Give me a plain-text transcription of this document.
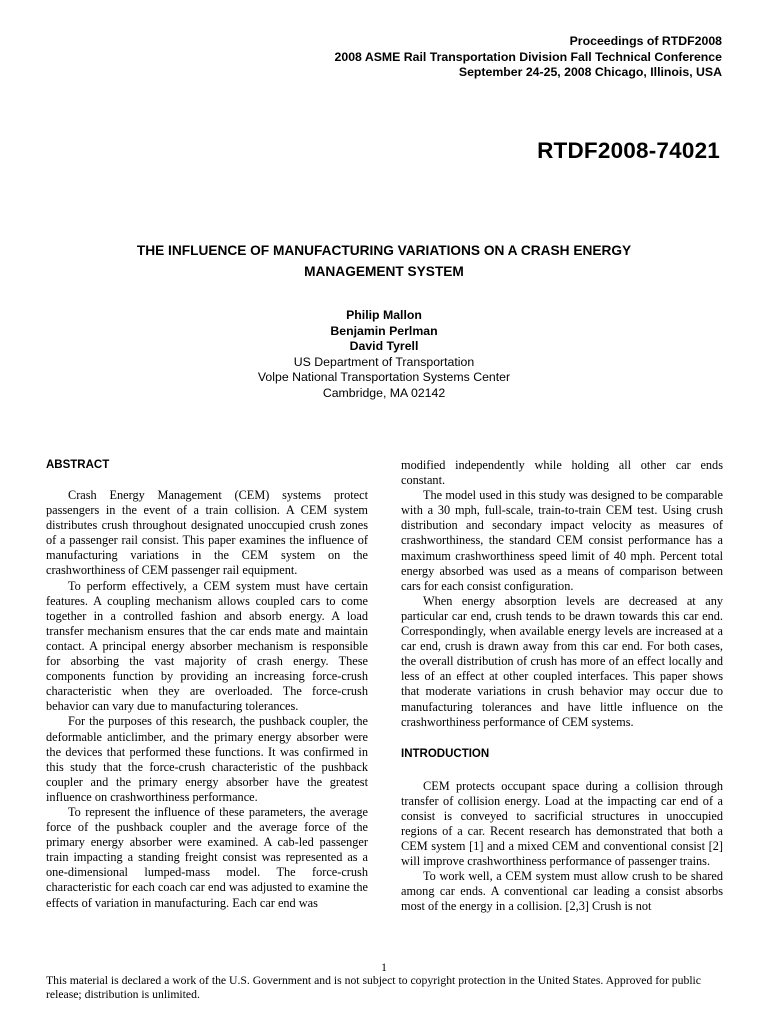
Proceedings of RTDF2008
2008 ASME Rail Transportation Division Fall Technical Conference
September 24-25, 2008 Chicago, Illinois, USA
RTDF2008-74021
THE INFLUENCE OF MANUFACTURING VARIATIONS ON A CRASH ENERGY
MANAGEMENT SYSTEM
Philip Mallon
Benjamin Perlman
David Tyrell
US Department of Transportation
Volpe National Transportation Systems Center
Cambridge, MA 02142
ABSTRACT

Crash Energy Management (CEM) systems protect passengers in the event of a train collision. A CEM system distributes crush throughout designated unoccupied crush zones of a passenger rail consist. This paper examines the influence of manufacturing variations in the CEM system on the crashworthiness of CEM passenger rail equipment.

To perform effectively, a CEM system must have certain features. A coupling mechanism allows coupled cars to come together in a controlled fashion and absorb energy. A load transfer mechanism ensures that the car ends mate and maintain contact. A principal energy absorber mechanism is responsible for absorbing the vast majority of crash energy. These components function by providing an increasing force-crush characteristic when they are overloaded. The force-crush behavior can vary due to manufacturing tolerances.

For the purposes of this research, the pushback coupler, the deformable anticlimber, and the primary energy absorber were the devices that performed these functions. It was confirmed in this study that the force-crush characteristic of the pushback coupler and the primary energy absorber have the greatest influence on crashworthiness performance.

To represent the influence of these parameters, the average force of the pushback coupler and the average force of the primary energy absorber were examined. A cab-led passenger train impacting a standing freight consist was represented as a one-dimensional lumped-mass model. The force-crush characteristic for each coach car end was adjusted to examine the effects of variation in manufacturing. Each car end was

modified independently while holding all other car ends constant.

The model used in this study was designed to be comparable with a 30 mph, full-scale, train-to-train CEM test. Using crush distribution and secondary impact velocity as measures of crashworthiness, the standard CEM consist performance has a maximum crashworthiness speed limit of 40 mph. Percent total energy absorbed was used as a means of comparison between cars for each consist configuration.

When energy absorption levels are decreased at any particular car end, crush tends to be drawn towards this car end. Correspondingly, when available energy levels are increased at a car end, crush is drawn away from this car end. For both cases, the overall distribution of crush has more of an effect locally and less of an effect at other coupled interfaces. This paper shows that moderate variations in crush behavior may occur due to manufacturing tolerances and have little influence on the crashworthiness performance of CEM systems.

INTRODUCTION

CEM protects occupant space during a collision through transfer of collision energy. Load at the impacting car end of a consist is conveyed to sacrificial structures in unoccupied regions of a car. Recent research has demonstrated that both a CEM system [1] and a mixed CEM and conventional consist [2] will improve crashworthiness performance of passenger trains.

To work well, a CEM system must allow crush to be shared among car ends. A conventional car leading a consist absorbs most of the energy in a collision. [2,3] Crush is not

1
This material is declared a work of the U.S. Government and is not subject to copyright protection in the United States. Approved for public release; distribution is unlimited.
